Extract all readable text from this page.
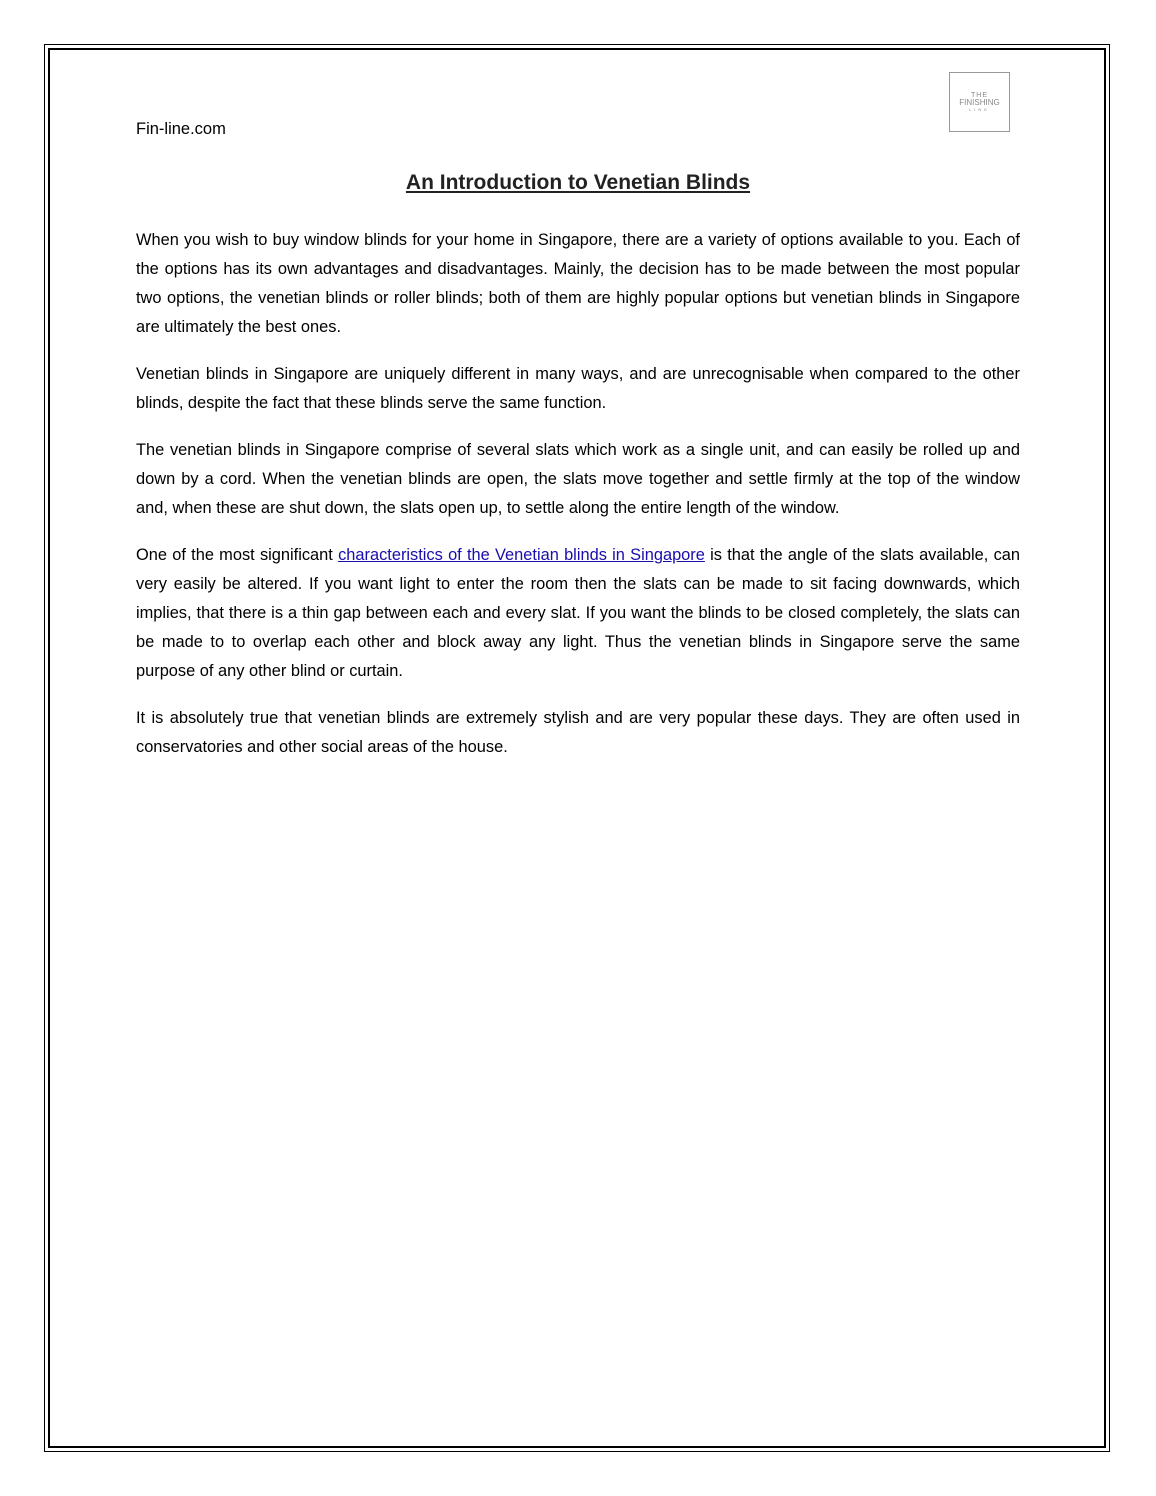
Fin-line.com
THE
FINISHING
LINE
An Introduction to Venetian Blinds

When you wish to buy window blinds for your home in Singapore, there are a variety of options available to you. Each of the options has its own advantages and disadvantages. Mainly, the decision has to be made between the most popular two options, the venetian blinds or roller blinds; both of them are highly popular options but venetian blinds in Singapore are ultimately the best ones.

Venetian blinds in Singapore are uniquely different in many ways, and are unrecognisable when compared to the other blinds, despite the fact that these blinds serve the same function.

The venetian blinds in Singapore comprise of several slats which work as a single unit, and can easily be rolled up and down by a cord. When the venetian blinds are open, the slats move together and settle firmly at the top of the window and, when these are shut down, the slats open up, to settle along the entire length of the window.

One of the most significant characteristics of the Venetian blinds in Singapore is that the angle of the slats available, can very easily be altered. If you want light to enter the room then the slats can be made to sit facing downwards, which implies, that there is a thin gap between each and every slat. If you want the blinds to be closed completely, the slats can be made to to overlap each other and block away any light. Thus the venetian blinds in Singapore serve the same purpose of any other blind or curtain.

It is absolutely true that venetian blinds are extremely stylish and are very popular these days. They are often used in conservatories and other social areas of the house.
